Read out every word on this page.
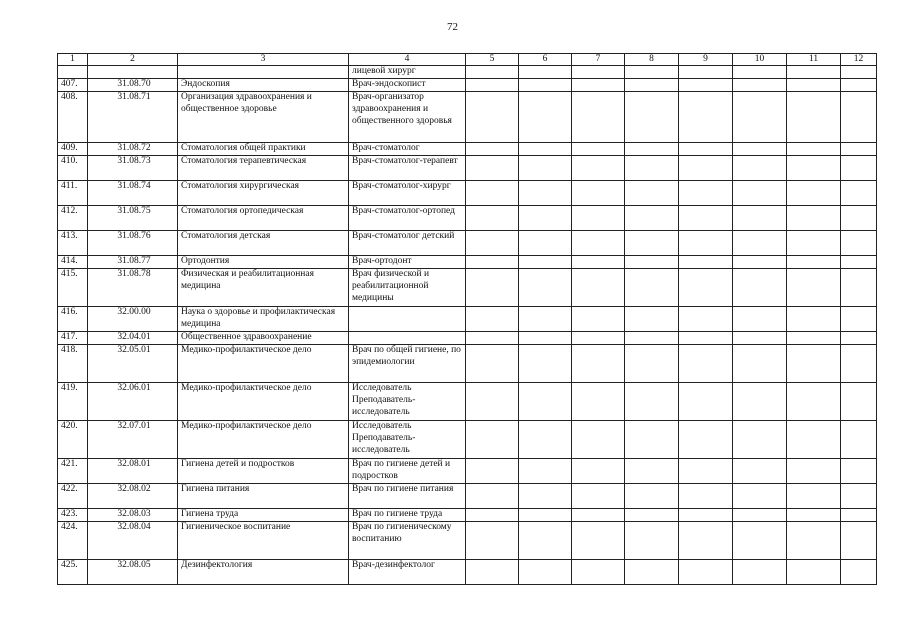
72
1	2	3	4	5	6	7	8	9	10	11	12
			лицевой хирург								
407.	31.08.70	Эндоскопия	Врач-эндоскопист								
408.	31.08.71	Организация здравоохранения и общественное здоровье	Врач-организатор здравоохранения и общественного здоровья								
409.	31.08.72	Стоматология общей практики	Врач-стоматолог								
410.	31.08.73	Стоматология терапевтическая	Врач-стоматолог-терапевт								
411.	31.08.74	Стоматология хирургическая	Врач-стоматолог-хирург								
412.	31.08.75	Стоматология ортопедическая	Врач-стоматолог-ортопед								
413.	31.08.76	Стоматология детская	Врач-стоматолог детский								
414.	31.08.77	Ортодонтия	Врач-ортодонт								
415.	31.08.78	Физическая и реабилитационная медицина	Врач физической и реабилитационной медицины								
416.	32.00.00	Наука о здоровье и профилактическая медицина									
417.	32.04.01	Общественное здравоохранение									
418.	32.05.01	Медико-профилактическое дело	Врач по общей гигиене, по эпидемиологии								
419.	32.06.01	Медико-профилактическое дело	Исследователь Преподаватель-исследователь								
420.	32.07.01	Медико-профилактическое дело	Исследователь Преподаватель-исследователь								
421.	32.08.01	Гигиена детей и подростков	Врач по гигиене детей и подростков								
422.	32.08.02	Гигиена питания	Врач по гигиене питания								
423.	32.08.03	Гигиена труда	Врач по гигиене труда								
424.	32.08.04	Гигиеническое воспитание	Врач по гигиеническому воспитанию								
425.	32.08.05	Дезинфектология	Врач-дезинфектолог								
